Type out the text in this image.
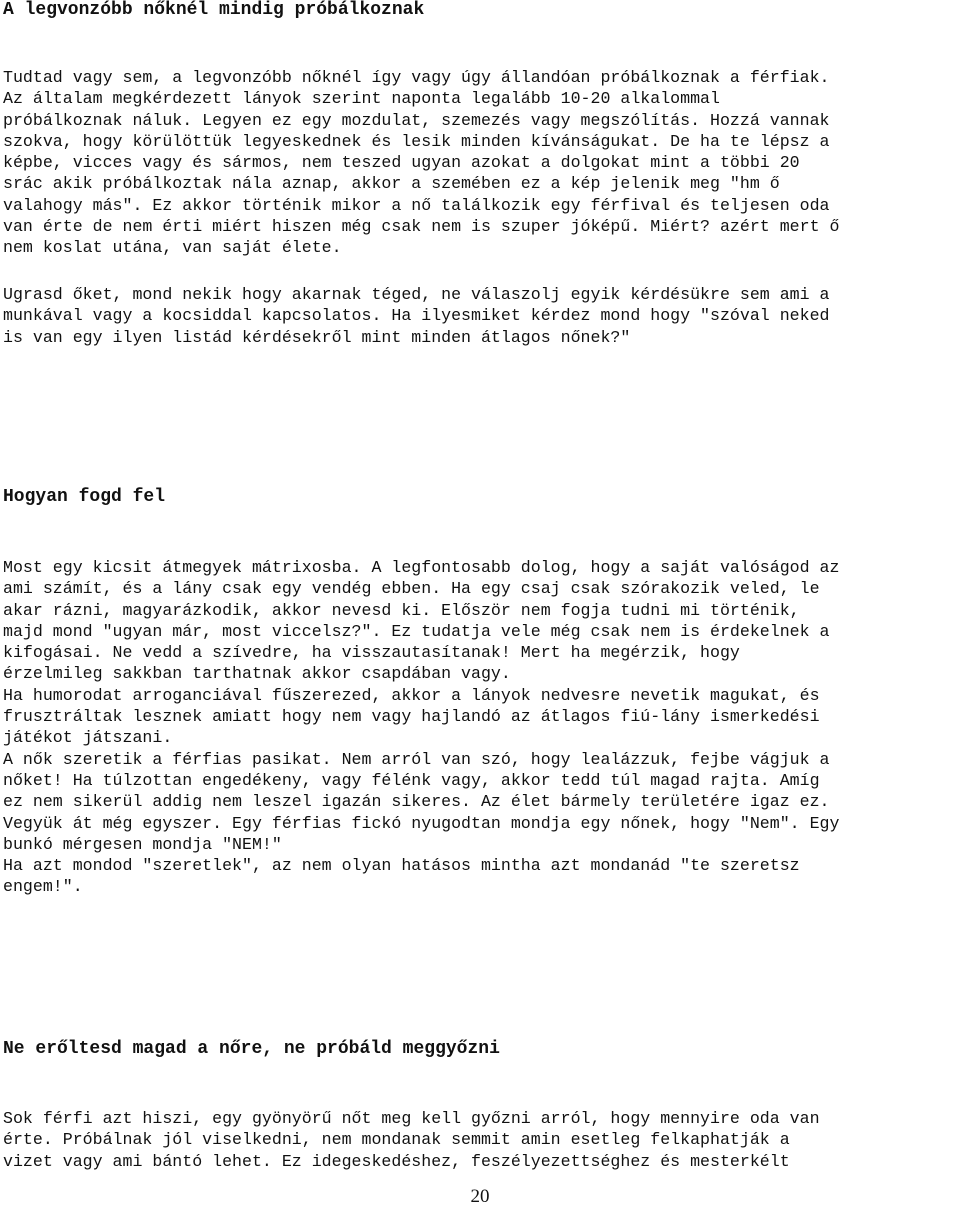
A legvonzóbb nőknél mindig próbálkoznak

Tudtad vagy sem, a legvonzóbb nőknél így vagy úgy állandóan próbálkoznak a férfiak.
Az általam megkérdezett lányok szerint naponta legalább 10-20 alkalommal
próbálkoznak náluk. Legyen ez egy mozdulat, szemezés vagy megszólítás. Hozzá vannak
szokva, hogy körülöttük legyeskednek és lesik minden kívánságukat. De ha te lépsz a
képbe, vicces vagy és sármos, nem teszed ugyan azokat a dolgokat mint a többi 20
srác akik próbálkoztak nála aznap, akkor a szemében ez a kép jelenik meg "hm ő
valahogy más". Ez akkor történik mikor a nő találkozik egy férfival és teljesen oda
van érte de nem érti miért hiszen még csak nem is szuper jóképű. Miért? azért mert ő
nem koslat utána, van saját élete.

Ugrasd őket, mond nekik hogy akarnak téged, ne válaszolj egyik kérdésükre sem ami a
munkával vagy a kocsiddal kapcsolatos. Ha ilyesmiket kérdez mond hogy "szóval neked
is van egy ilyen listád kérdésekről mint minden átlagos nőnek?"

Hogyan fogd fel

Most egy kicsit átmegyek mátrixosba. A legfontosabb dolog, hogy a saját valóságod az
ami számít, és a lány csak egy vendég ebben. Ha egy csaj csak szórakozik veled, le
akar rázni, magyarázkodik, akkor nevesd ki. Először nem fogja tudni mi történik,
majd mond "ugyan már, most viccelsz?". Ez tudatja vele még csak nem is érdekelnek a
kifogásai. Ne vedd a szívedre, ha visszautasítanak! Mert ha megérzik, hogy
érzelmileg sakkban tarthatnak akkor csapdában vagy.
Ha humorodat arroganciával fűszerezed, akkor a lányok nedvesre nevetik magukat, és
frusztráltak lesznek amiatt hogy nem vagy hajlandó az átlagos fiú-lány ismerkedési
játékot játszani.
A nők szeretik a férfias pasikat. Nem arról van szó, hogy lealázzuk, fejbe vágjuk a
nőket! Ha túlzottan engedékeny, vagy félénk vagy, akkor tedd túl magad rajta. Amíg
ez nem sikerül addig nem leszel igazán sikeres. Az élet bármely területére igaz ez.
Vegyük át még egyszer. Egy férfias fickó nyugodtan mondja egy nőnek, hogy "Nem". Egy
bunkó mérgesen mondja "NEM!"
Ha azt mondod "szeretlek", az nem olyan hatásos mintha azt mondanád "te szeretsz
engem!".

Ne erőltesd magad a nőre, ne próbáld meggyőzni

Sok férfi azt hiszi, egy gyönyörű nőt meg kell győzni arról, hogy mennyire oda van
érte. Próbálnak jól viselkedni, nem mondanak semmit amin esetleg felkaphatják a
vizet vagy ami bántó lehet. Ez idegeskedéshez, feszélyezettséghez és mesterkélt

20
